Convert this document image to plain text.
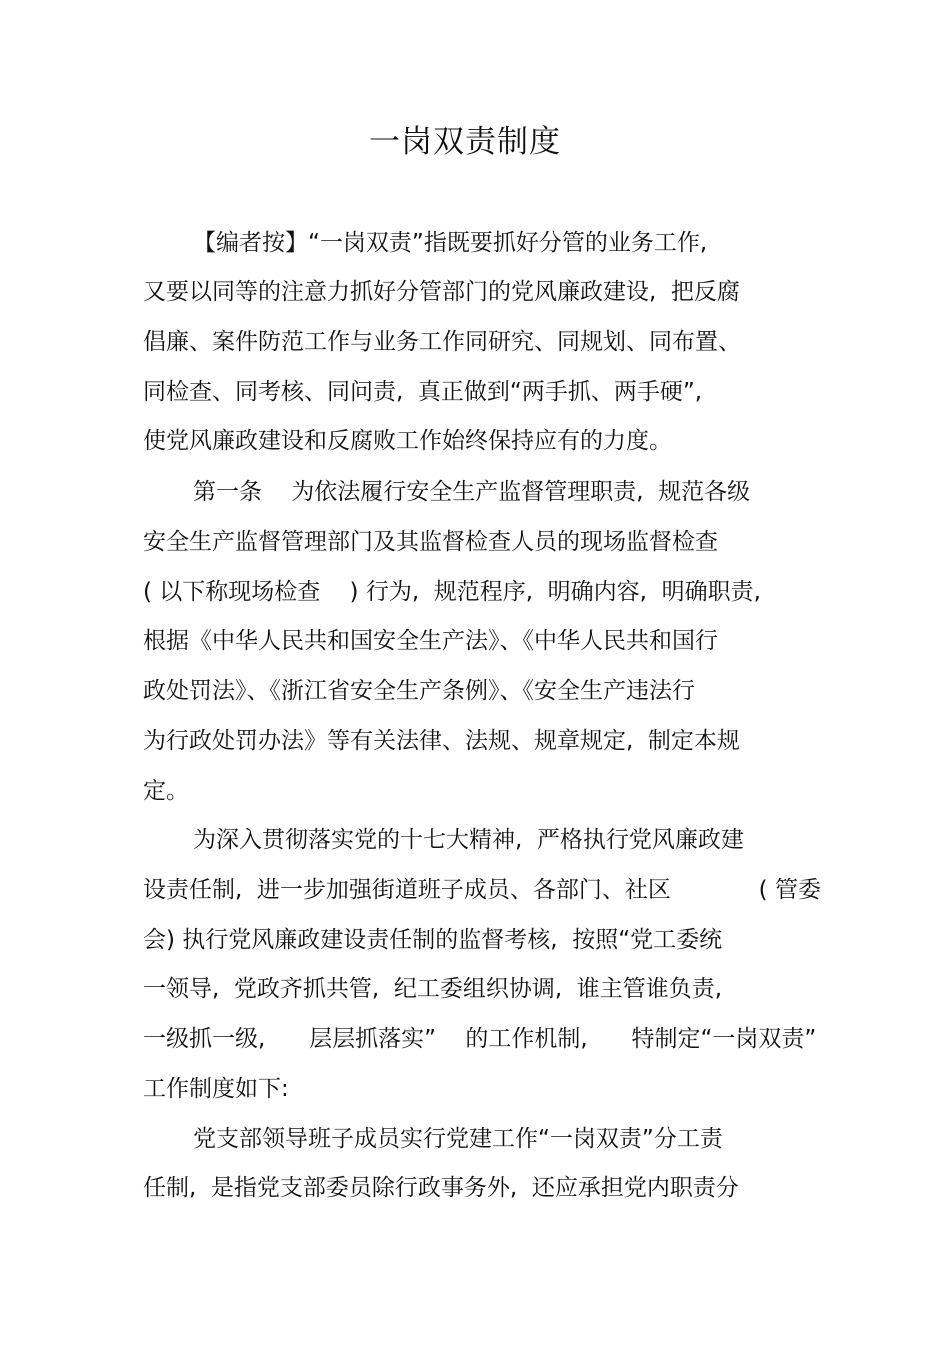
一岗双责制度
【编者按】“一岗双责”指既要抓好分管的业务工作,
又要以同等的注意力抓好分管部门的党风廉政建设,  把反腐
倡廉、案件防范工作与业务工作同研究、同规划、同布置、
同检查、同考核、同问责,  真正做到“两手抓、两手硬”,
使党风廉政建设和反腐败工作始终保持应有的力度。
第一条    为依法履行安全生产监督管理职责,  规范各级
安全生产监督管理部门及其监督检查人员的现场监督检查
( 以下称现场检查    ) 行为,  规范程序,  明确内容,  明确职责,
根据《中华人民共和国安全生产法》、《中华人民共和国行
政处罚法》、《浙江省安全生产条例》、《安全生产违法行
为行政处罚办法》等有关法律、法规、规章规定,  制定本规
定。
为深入贯彻落实党的十七大精神,  严格执行党风廉政建
设责任制,  进一步加强街道班子成员、各部门、社区            ( 管委
会) 执行党风廉政建设责任制的监督考核,  按照“党工委统
一领导,  党政齐抓共管,  纪工委组织协调,  谁主管谁负责,
一级抓一级,      层层抓落实”    的工作机制,      特制定“一岗双责”
工作制度如下:
党支部领导班子成员实行党建工作“一岗双责”分工责
任制,  是指党支部委员除行政事务外,  还应承担党内职责分
